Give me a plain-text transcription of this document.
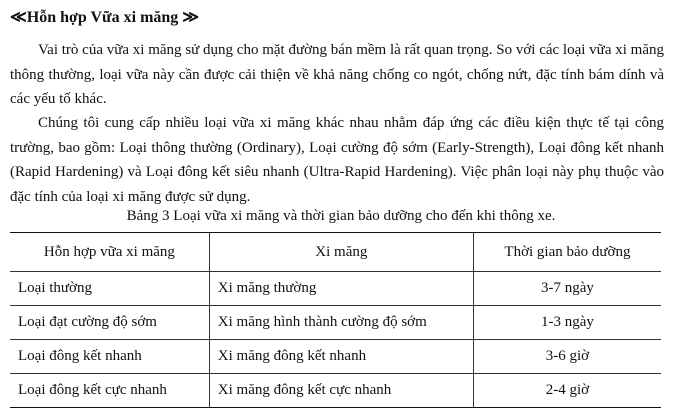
≪Hỗn hợp Vữa xi măng ≫

Vai trò của vữa xi măng sử dụng cho mặt đường bán mềm là rất quan trọng. So với các loại vữa xi măng thông thường, loại vữa này cần được cải thiện về khả năng chống co ngót, chống nứt, đặc tính bám dính và các yếu tố khác.

Chúng tôi cung cấp nhiều loại vữa xi măng khác nhau nhằm đáp ứng các điều kiện thực tế tại công trường, bao gồm: Loại thông thường (Ordinary), Loại cường độ sớm (Early-Strength), Loại đông kết nhanh (Rapid Hardening) và Loại đông kết siêu nhanh (Ultra-Rapid Hardening). Việc phân loại này phụ thuộc vào đặc tính của loại xi măng được sử dụng.

Bảng 3 Loại vữa xi măng và thời gian bảo dưỡng cho đến khi thông xe.
Hỗn hợp vữa xi măng	Xi măng	Thời gian bảo dưỡng
Loại thường	Xi măng thường	3-7 ngày
Loại đạt cường độ sớm	Xi măng hình thành cường độ sớm	1-3 ngày
Loại đông kết nhanh	Xi măng đông kết nhanh	3-6 giờ
Loại đông kết cực nhanh	Xi măng đông kết cực nhanh	2-4 giờ
